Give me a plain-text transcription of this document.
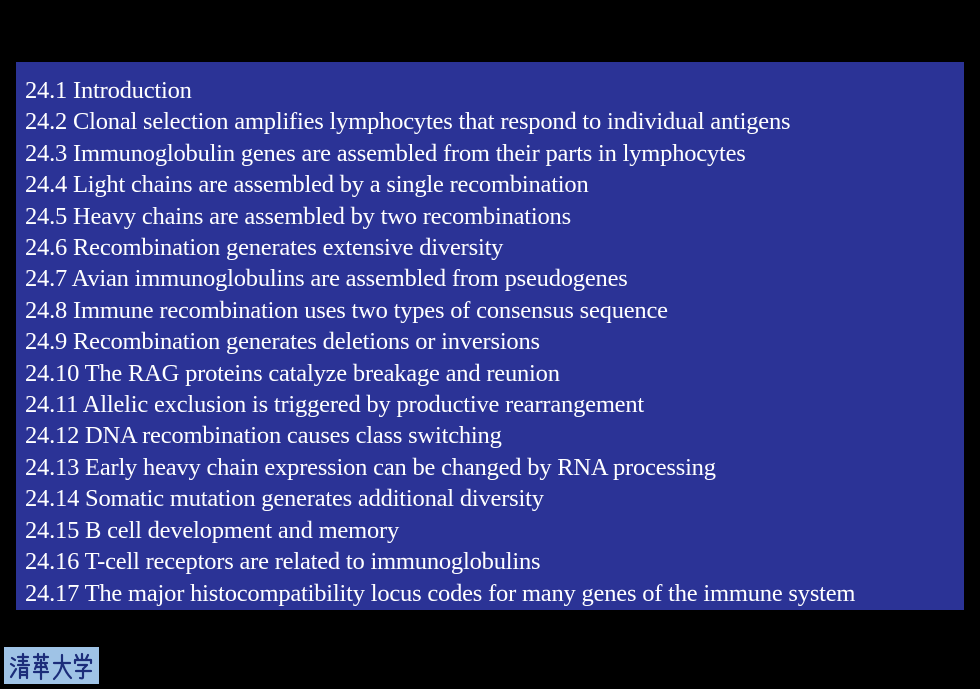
24.1 Introduction
24.2 Clonal selection amplifies lymphocytes that respond to individual antigens
24.3 Immunoglobulin genes are assembled from their parts in lymphocytes
24.4 Light chains are assembled by a single recombination
24.5 Heavy chains are assembled by two recombinations
24.6 Recombination generates extensive diversity
24.7 Avian immunoglobulins are assembled from pseudogenes
24.8 Immune recombination uses two types of consensus sequence
24.9 Recombination generates deletions or inversions
24.10 The RAG proteins catalyze breakage and reunion
24.11 Allelic exclusion is triggered by productive rearrangement
24.12 DNA recombination causes class switching
24.13 Early heavy chain expression can be changed by RNA processing
24.14 Somatic mutation generates additional diversity
24.15 B cell development and memory
24.16 T-cell receptors are related to immunoglobulins
24.17 The major histocompatibility locus codes for many genes of the immune system
